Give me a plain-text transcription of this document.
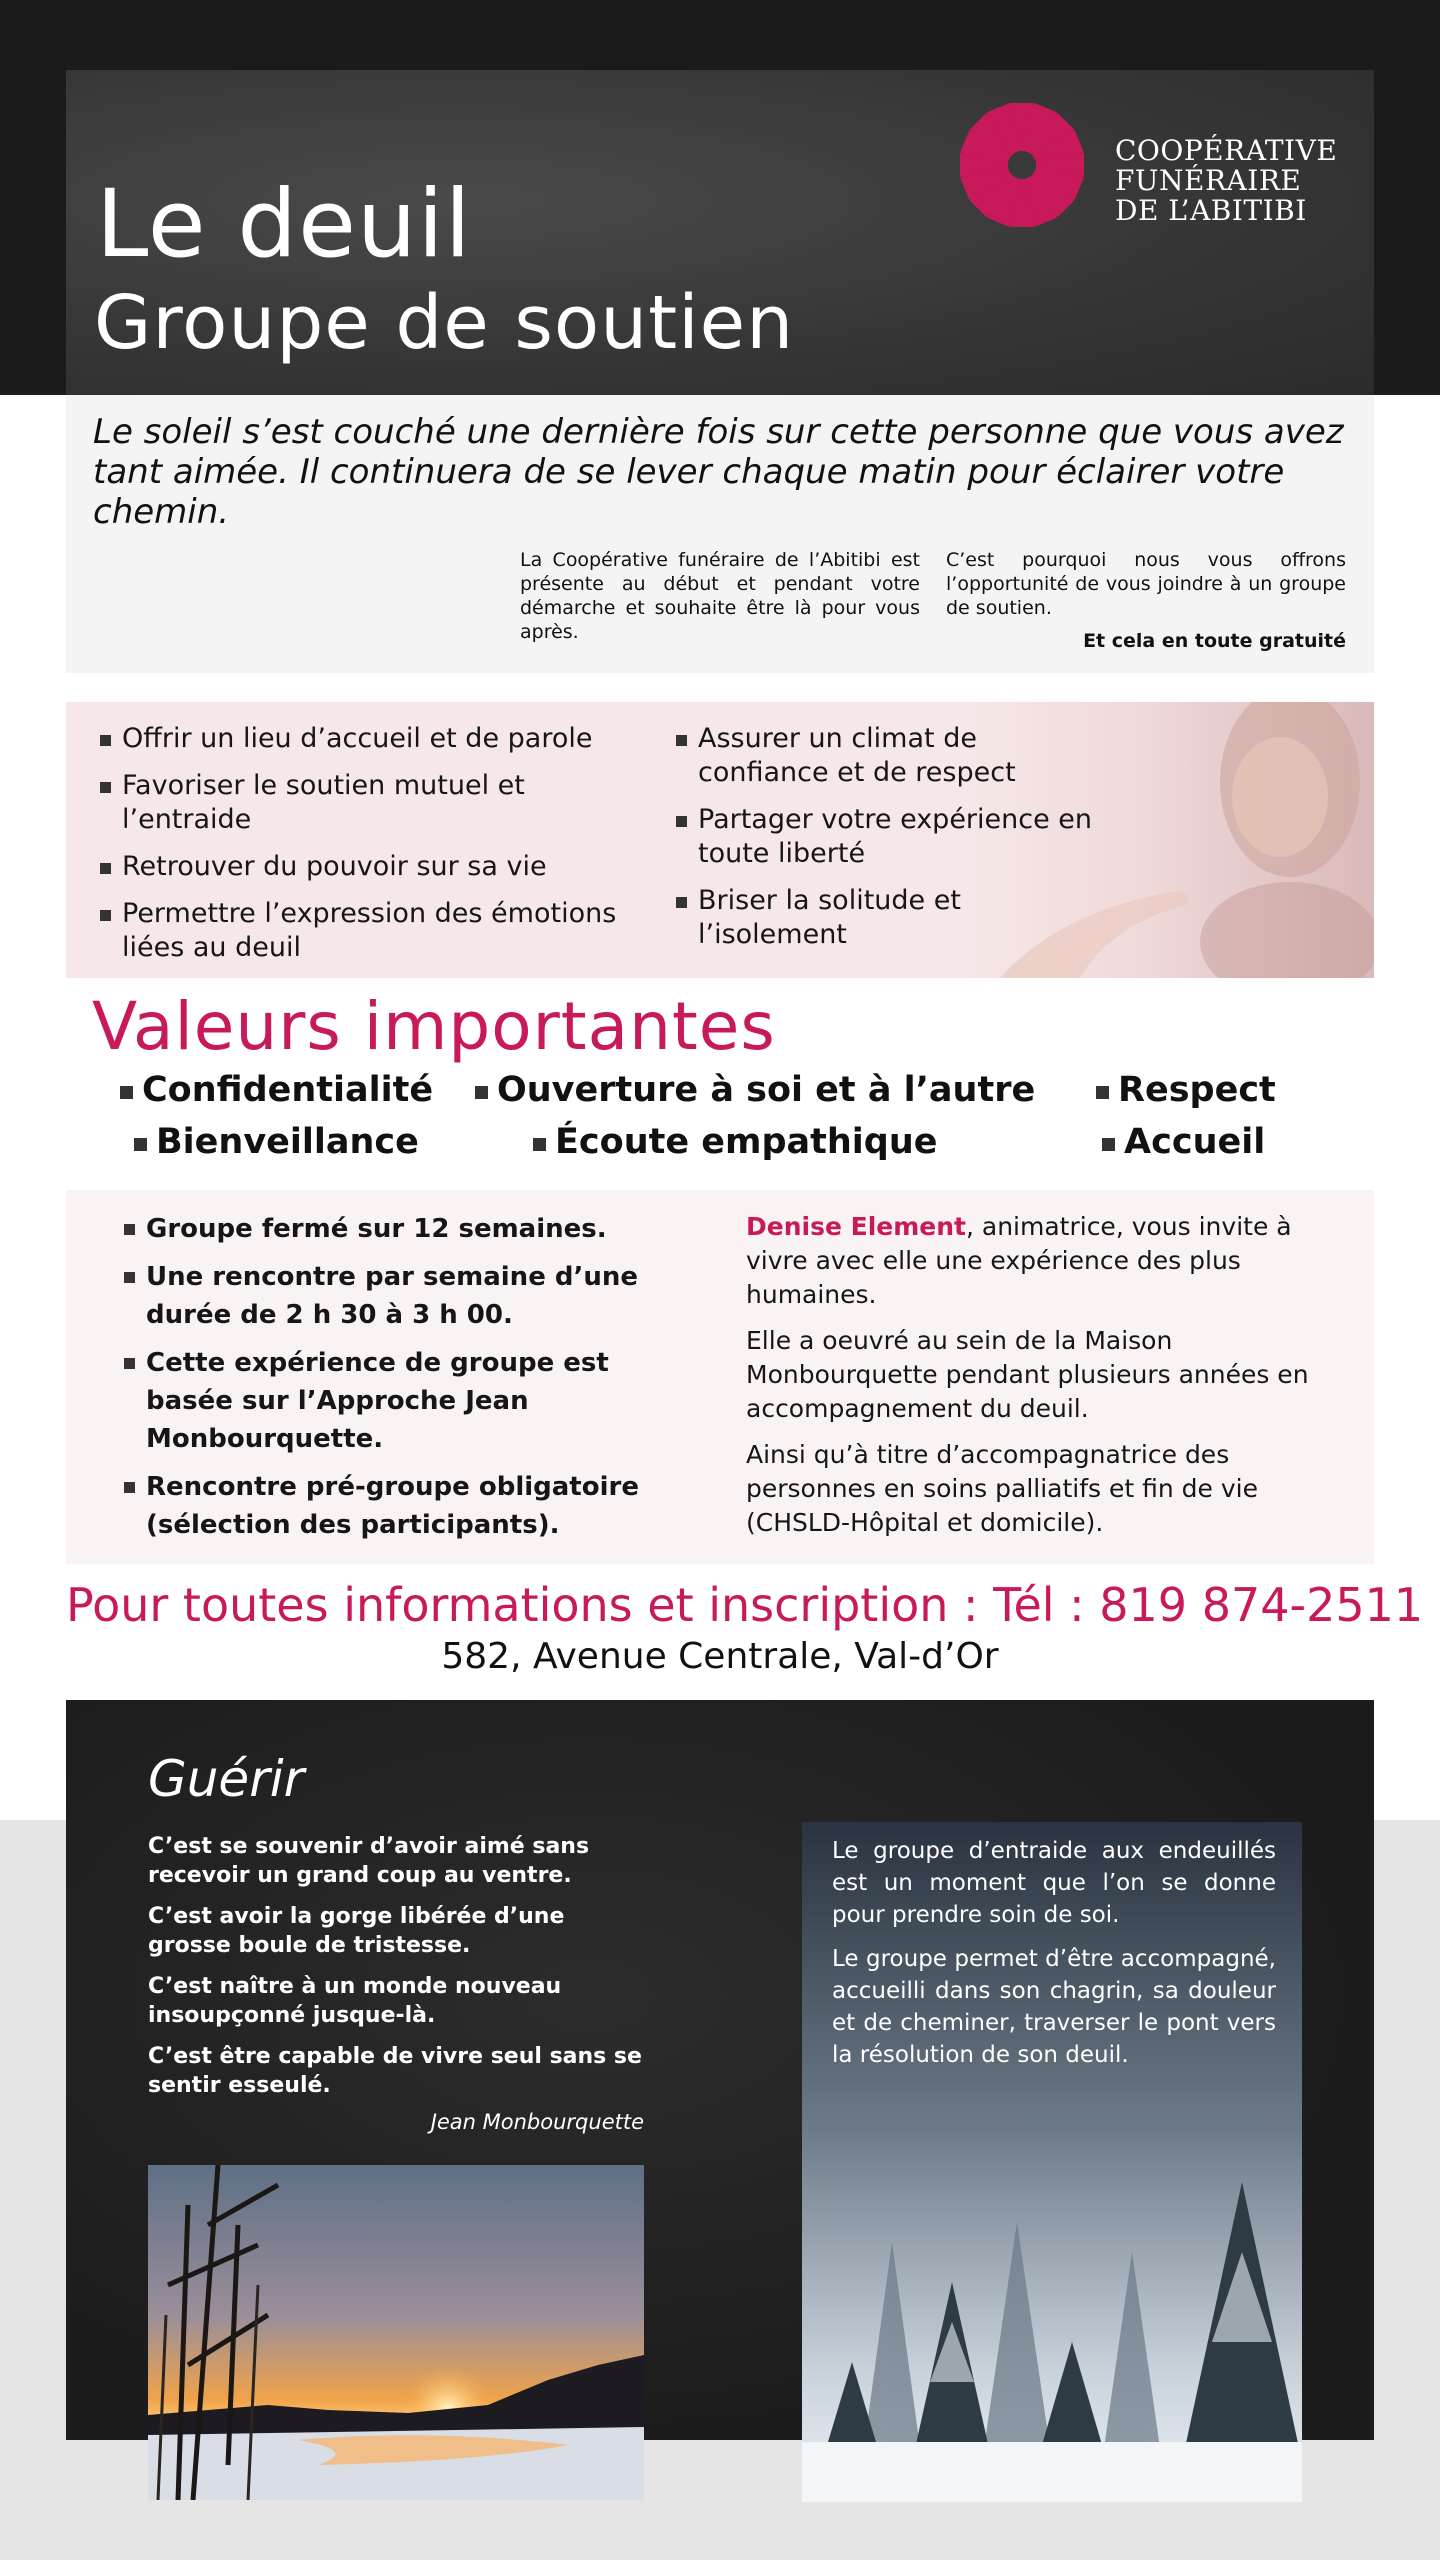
Le deuil
Groupe de soutien
COOPÉRATIVE
FUNÉRAIRE
DE L’ABITIBI
Le soleil s’est couché une dernière fois sur cette personne que vous avez tant aimée. Il continuera de se lever chaque matin pour éclairer votre chemin.
La Coopérative funéraire de l’Abitibi est présente au début et pendant votre démarche et souhaite être là pour vous après.
C’est pourquoi nous vous offrons l’opportunité de vous joindre à un groupe de soutien.
Et cela en toute gratuité
Offrir un lieu d’accueil et de parole
Favoriser le soutien mutuel et l’entraide
Retrouver du pouvoir sur sa vie
Permettre l’expression des émotions liées au deuil
Assurer un climat de confiance et de respect
Partager votre expérience en toute liberté
Briser la solitude et l’isolement
Valeurs importantes
Confidentialité	Ouverture à soi et à l’autre	Respect
Bienveillance	Écoute empathique	Accueil
Groupe fermé sur 12 semaines.
Une rencontre par semaine d’une durée de 2 h 30 à 3 h 00.
Cette expérience de groupe est basée sur l’Approche Jean Monbourquette.
Rencontre pré-groupe obligatoire (sélection des participants).

Denise Element, animatrice, vous invite à vivre avec elle une expérience des plus humaines.

Elle a oeuvré au sein de la Maison Monbourquette pendant plusieurs années en accompagnement du deuil.

Ainsi qu’à titre d’accompagnatrice des personnes en soins palliatifs et fin de vie (CHSLD-Hôpital et domicile).

Pour toutes informations et inscription : Tél : 819 874-2511
582, Avenue Centrale, Val-d’Or
Guérir

C’est se souvenir d’avoir aimé sans recevoir un grand coup au ventre.

C’est avoir la gorge libérée d’une grosse boule de tristesse.

C’est naître à un monde nouveau insoupçonné jusque-là.

C’est être capable de vivre seul sans se sentir esseulé.

Jean Monbourquette

Le groupe d’entraide aux endeuillés est un moment que l’on se donne pour prendre soin de soi.

Le groupe permet d’être accompagné, accueilli dans son chagrin, sa douleur et de cheminer, traverser le pont vers la résolution de son deuil.
